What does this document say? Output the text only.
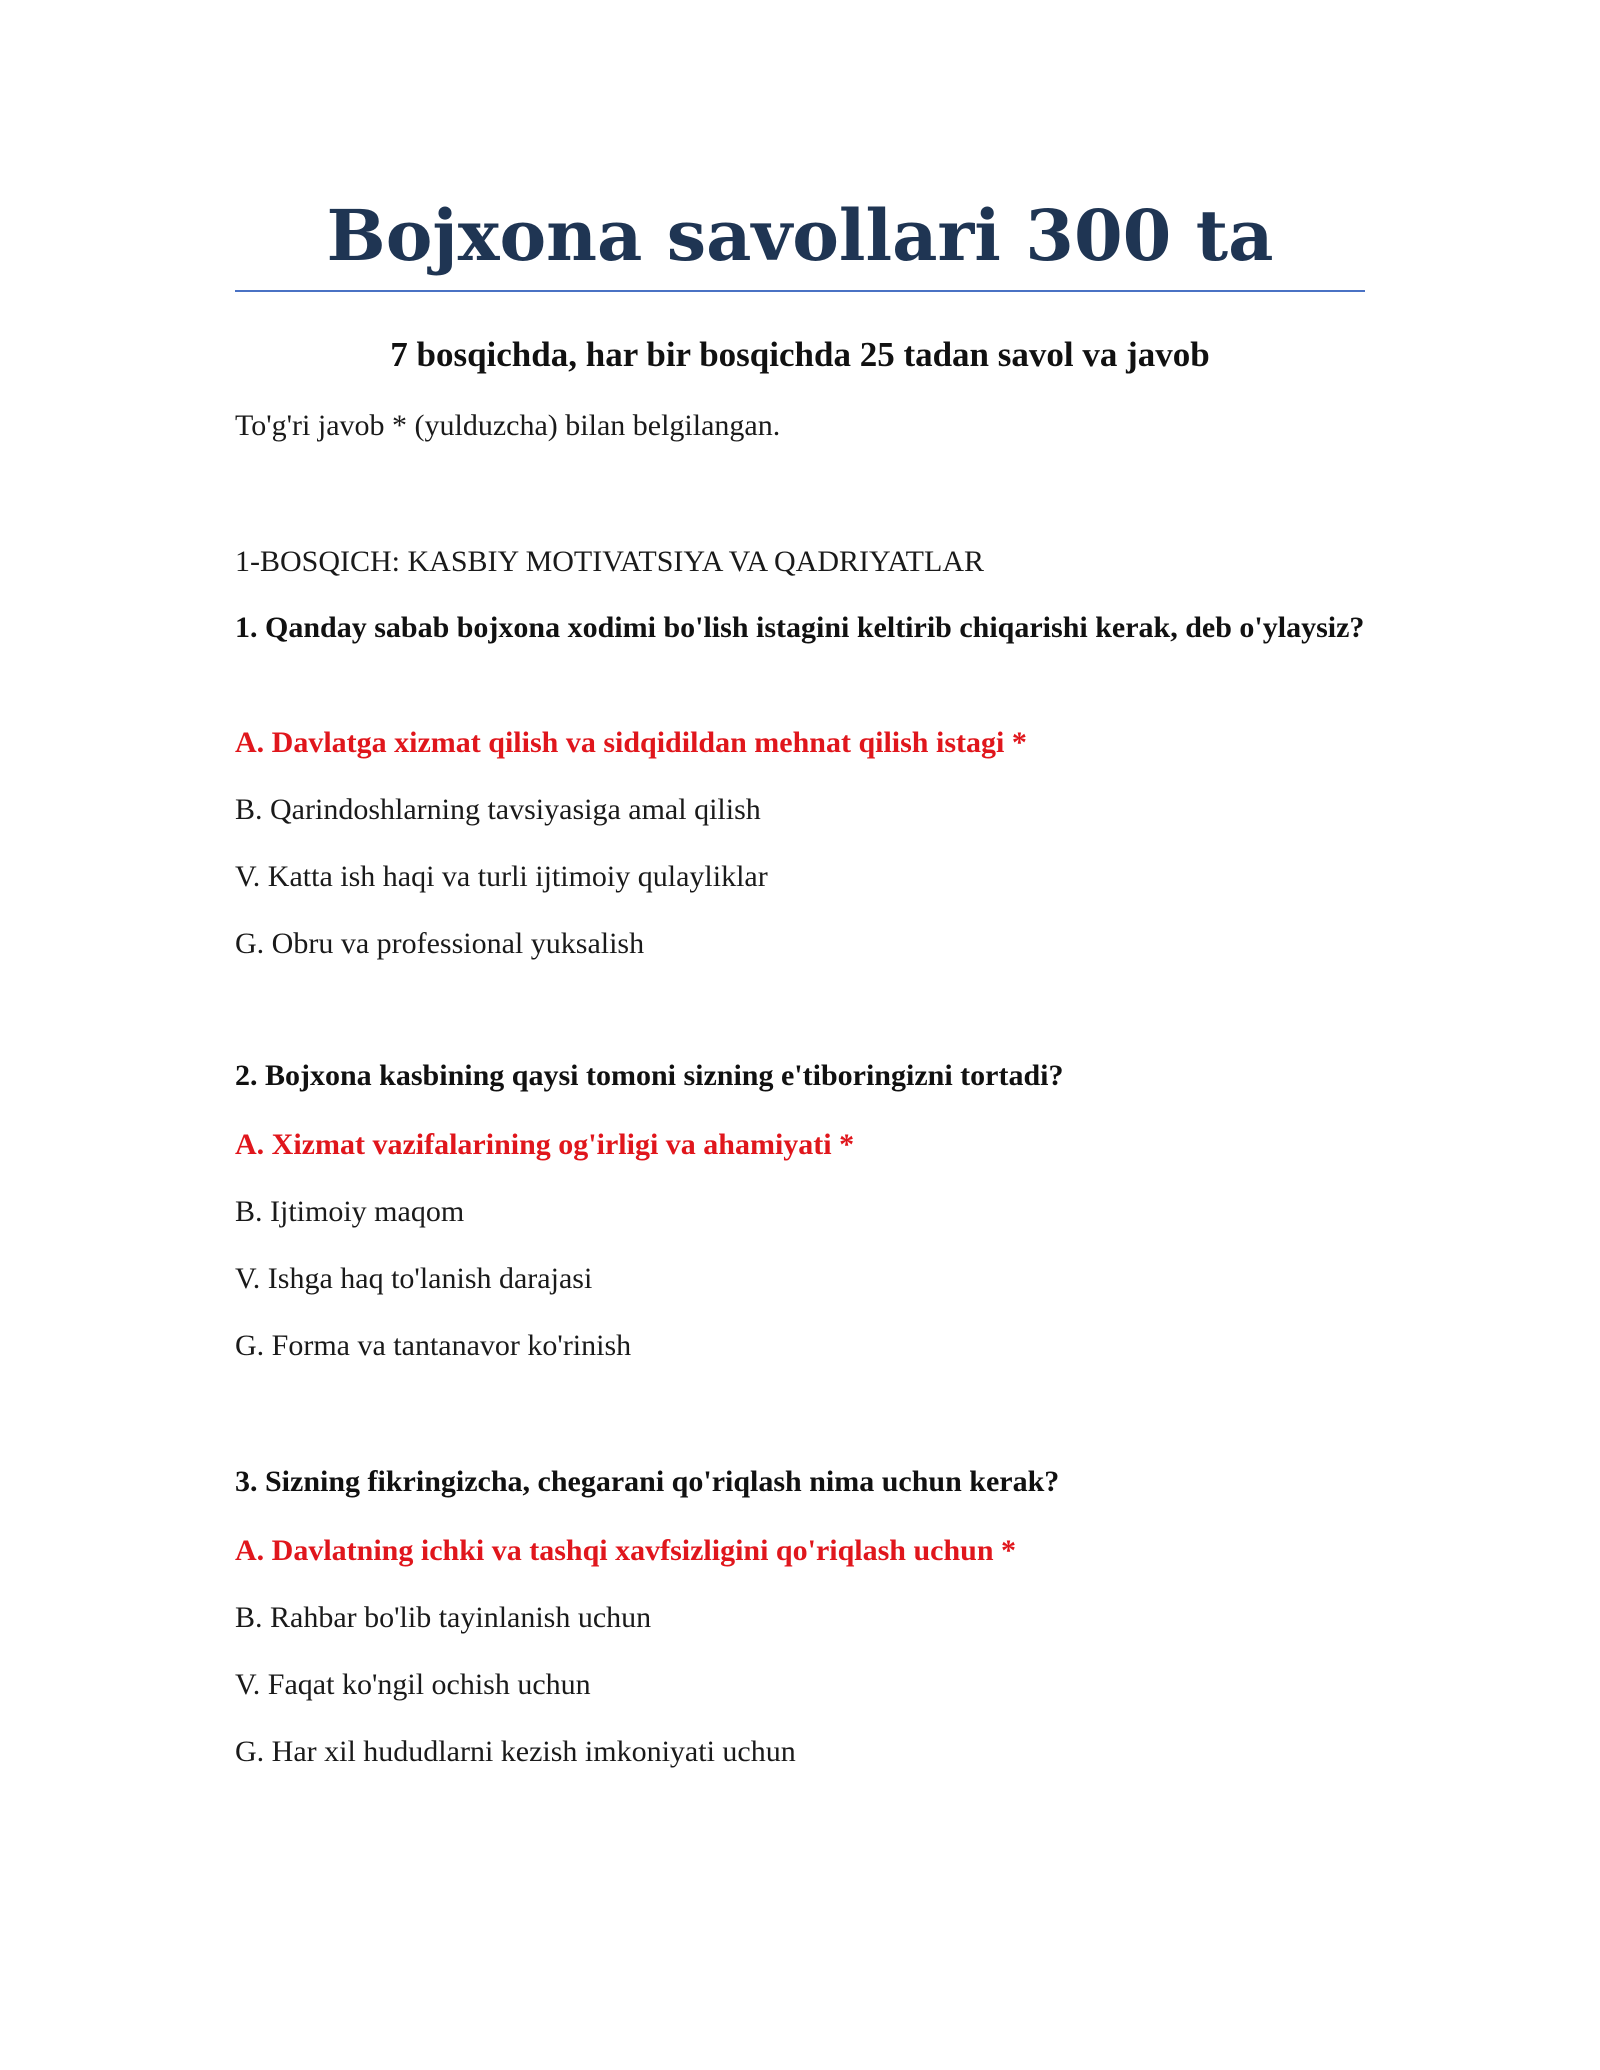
Bojxona savollari 300 ta
7 bosqichda, har bir bosqichda 25 tadan savol va javob

To'g'ri javob * (yulduzcha) bilan belgilangan.

1-BOSQICH: KASBIY MOTIVATSIYA VA QADRIYATLAR

1. Qanday sabab bojxona xodimi bo'lish istagini keltirib chiqarishi kerak, deb o'ylaysiz?

A. Davlatga xizmat qilish va sidqidildan mehnat qilish istagi *

B. Qarindoshlarning tavsiyasiga amal qilish

V. Katta ish haqi va turli ijtimoiy qulayliklar

G. Obru va professional yuksalish

2. Bojxona kasbining qaysi tomoni sizning e'tiboringizni tortadi?

A. Xizmat vazifalarining og'irligi va ahamiyati *

B. Ijtimoiy maqom

V. Ishga haq to'lanish darajasi

G. Forma va tantanavor ko'rinish

3. Sizning fikringizcha, chegarani qo'riqlash nima uchun kerak?

A. Davlatning ichki va tashqi xavfsizligini qo'riqlash uchun *

B. Rahbar bo'lib tayinlanish uchun

V. Faqat ko'ngil ochish uchun

G. Har xil hududlarni kezish imkoniyati uchun
